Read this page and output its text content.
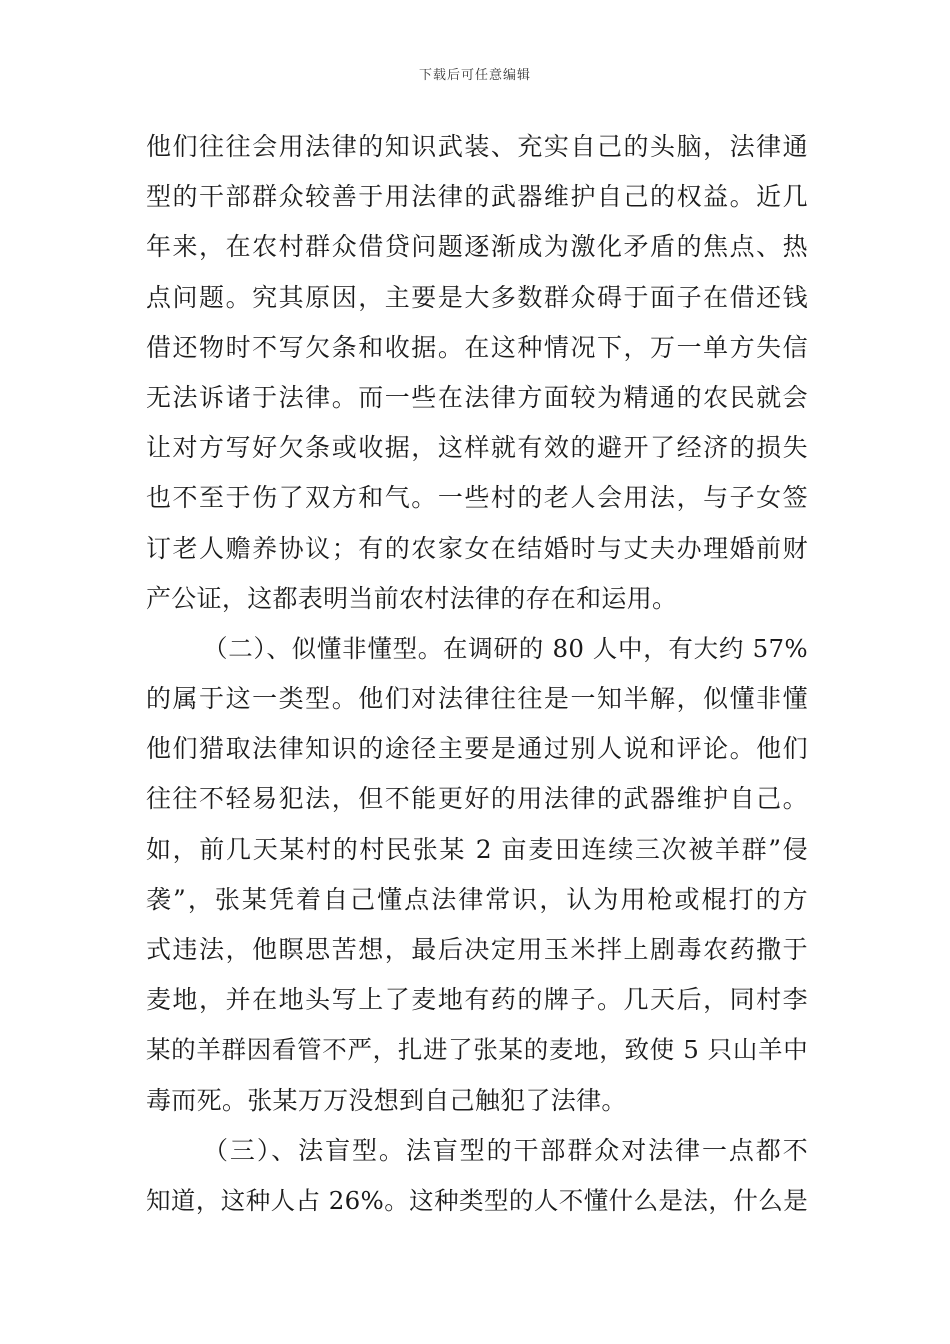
下载后可任意编辑
他们往往会用法律的知识武装、充实自己的头脑，法律通
型的干部群众较善于用法律的武器维护自己的权益。近几
年来，在农村群众借贷问题逐渐成为激化矛盾的焦点、热
点问题。究其原因，主要是大多数群众碍于面子在借还钱
借还物时不写欠条和收据。在这种情况下，万一单方失信
无法诉诸于法律。而一些在法律方面较为精通的农民就会
让对方写好欠条或收据，这样就有效的避开了经济的损失
也不至于伤了双方和气。一些村的老人会用法，与子女签
订老人赡养协议；有的农家女在结婚时与丈夫办理婚前财
产公证，这都表明当前农村法律的存在和运用。
（二）、似懂非懂型。在调研的 80 人中，有大约 57%
的属于这一类型。他们对法律往往是一知半解，似懂非懂
他们猎取法律知识的途径主要是通过别人说和评论。他们
往往不轻易犯法，但不能更好的用法律的武器维护自己。
如，前几天某村的村民张某 2 亩麦田连续三次被羊群”侵
袭”，张某凭着自己懂点法律常识，认为用枪或棍打的方
式违法，他瞑思苦想，最后决定用玉米拌上剧毒农药撒于
麦地，并在地头写上了麦地有药的牌子。几天后，同村李
某的羊群因看管不严，扎进了张某的麦地，致使 5 只山羊中
毒而死。张某万万没想到自己触犯了法律。
（三）、法盲型。法盲型的干部群众对法律一点都不
知道，这种人占 26%。这种类型的人不懂什么是法，什么是
